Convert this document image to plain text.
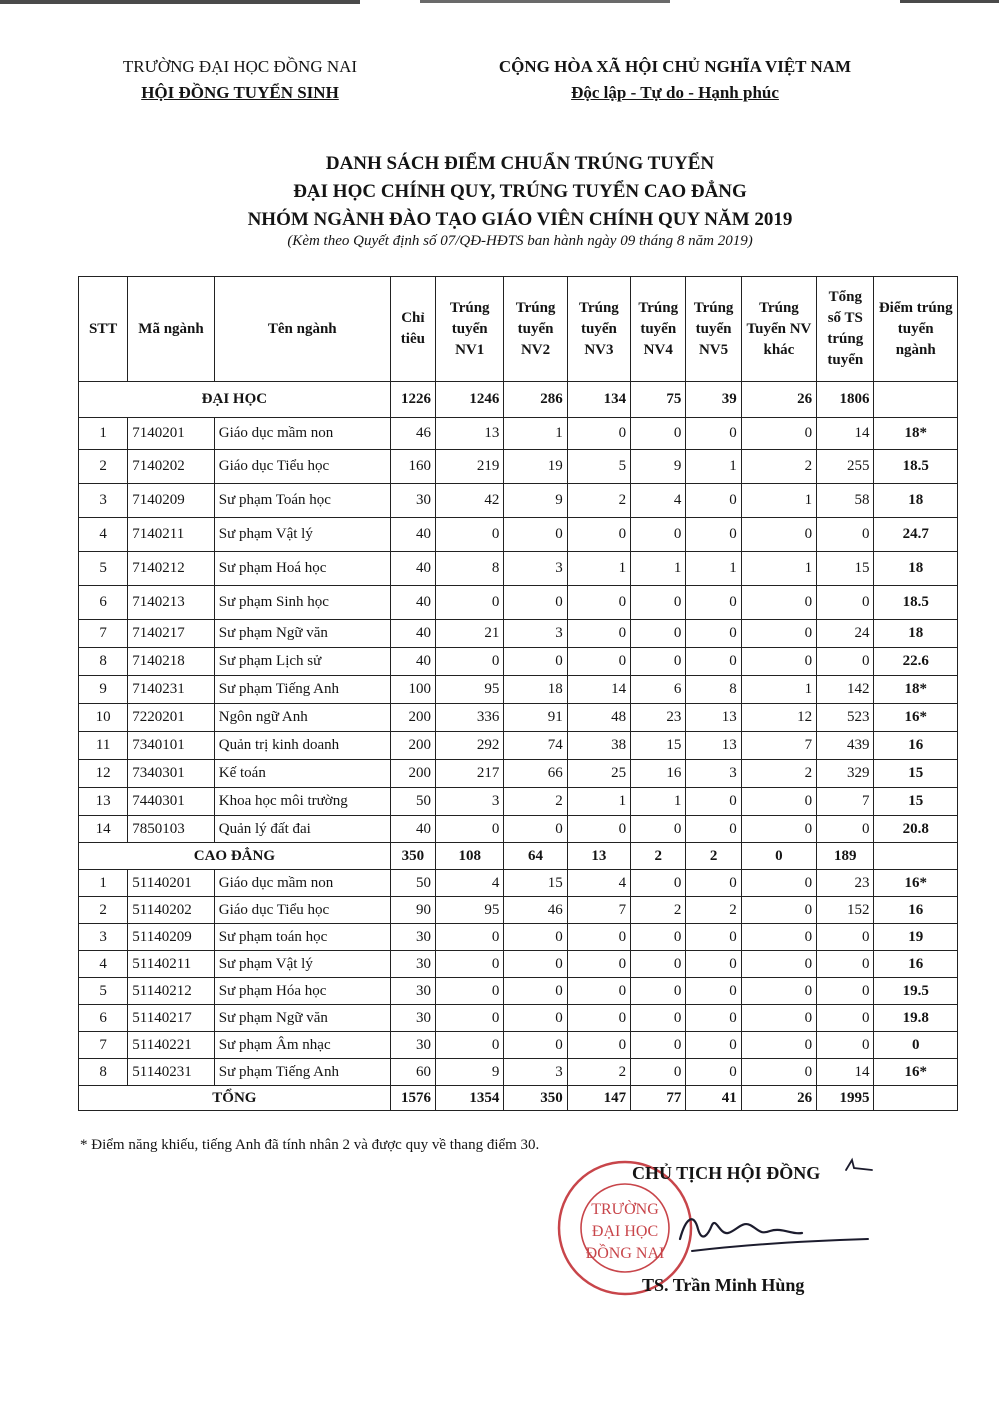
TRƯỜNG ĐẠI HỌC ĐỒNG NAI
HỘI ĐỒNG TUYỂN SINH
CỘNG HÒA XÃ HỘI CHỦ NGHĨA VIỆT NAM
Độc lập - Tự do - Hạnh phúc
DANH SÁCH ĐIỂM CHUẨN TRÚNG TUYỂN
ĐẠI HỌC CHÍNH QUY, TRÚNG TUYỂN CAO ĐẲNG
NHÓM NGÀNH ĐÀO TẠO GIÁO VIÊN CHÍNH QUY NĂM 2019
(Kèm theo Quyết định số 07/QĐ-HĐTS ban hành ngày 09 tháng 8 năm 2019)
STT	Mã ngành	Tên ngành	Chỉ tiêu	Trúng tuyển NV1	Trúng tuyển NV2	Trúng tuyển NV3	Trúng tuyển NV4	Trúng tuyển NV5	Trúng Tuyển NV khác	Tổng số TS trúng tuyển	Điểm trúng tuyển ngành
ĐẠI HỌC			1226	1246	286	134	75	39	26	1806	
1	7140201	Giáo dục mầm non	46	13	1	0	0	0	0	14	18*
2	7140202	Giáo dục Tiểu học	160	219	19	5	9	1	2	255	18.5
3	7140209	Sư phạm Toán học	30	42	9	2	4	0	1	58	18
4	7140211	Sư phạm Vật lý	40	0	0	0	0	0	0	0	24.7
5	7140212	Sư phạm Hoá học	40	8	3	1	1	1	1	15	18
6	7140213	Sư phạm Sinh học	40	0	0	0	0	0	0	0	18.5
7	7140217	Sư phạm Ngữ văn	40	21	3	0	0	0	0	24	18
8	7140218	Sư phạm Lịch sử	40	0	0	0	0	0	0	0	22.6
9	7140231	Sư phạm Tiếng Anh	100	95	18	14	6	8	1	142	18*
10	7220201	Ngôn ngữ Anh	200	336	91	48	23	13	12	523	16*
11	7340101	Quản trị kinh doanh	200	292	74	38	15	13	7	439	16
12	7340301	Kế toán	200	217	66	25	16	3	2	329	15
13	7440301	Khoa học môi trường	50	3	2	1	1	0	0	7	15
14	7850103	Quản lý đất đai	40	0	0	0	0	0	0	0	20.8
CAO ĐẲNG			350	108	64	13	2	2	0	189	
1	51140201	Giáo dục mầm non	50	4	15	4	0	0	0	23	16*
2	51140202	Giáo dục Tiểu học	90	95	46	7	2	2	0	152	16
3	51140209	Sư phạm toán học	30	0	0	0	0	0	0	0	19
4	51140211	Sư phạm Vật lý	30	0	0	0	0	0	0	0	16
5	51140212	Sư phạm Hóa học	30	0	0	0	0	0	0	0	19.5
6	51140217	Sư phạm Ngữ văn	30	0	0	0	0	0	0	0	19.8
7	51140221	Sư phạm Âm nhạc	30	0	0	0	0	0	0	0	0
8	51140231	Sư phạm Tiếng Anh	60	9	3	2	0	0	0	14	16*
TỔNG			1576	1354	350	147	77	41	26	1995	
* Điểm năng khiếu, tiếng Anh đã tính nhân 2 và được quy về thang điểm 30.
TRƯỜNG
ĐẠI HỌC
ĐỒNG NAI
CHỦ TỊCH HỘI ĐỒNG
TS. Trần Minh Hùng
